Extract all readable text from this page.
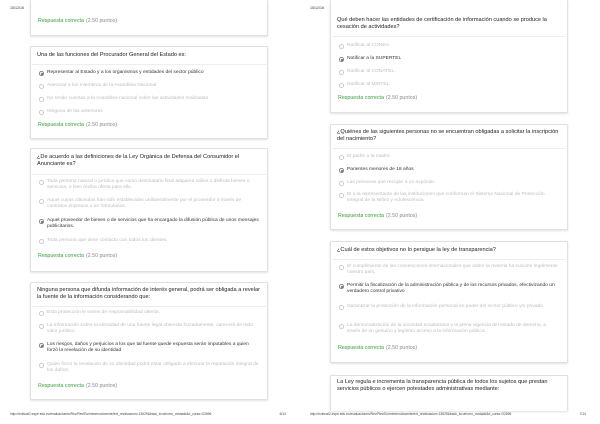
15/12/16
Respuesta correcta (2.50 puntos)
Una de las funciones del Procurador General del Estado es:
Representar al Estado y a los organismos y entidades del sector público
Asesorar a los miembros de la Asamblea Nacional
No rendir cuentas a la Asamblea nacional sobre las actividades realizadas
Ninguna de las anteriores
Respuesta correcta (2.50 puntos)
¿De acuerdo a las definiciones de la Ley Orgánica de Defensa del Consumidor el Anunciante es?
Toda persona natural o jurídica que como destinatario final adquiera utilice o disfrute bienes o servicios, o bien reciba oferta para ello.
Aquel cuyas cláusulas han sido establecidas unilateralmente por el proveedor a través de contratos impresos o en formularios.
Aquel proveedor de bienes o de servicios que ha encargado la difusión pública de unos mensajes publicitarios.
Toda persona que tiene contacto con todos los clientes.
Respuesta correcta (2.50 puntos)
Ninguna persona que difunda información de interés general, podrá ser obligada a revelar la fuente de la información considerando que:
Esta protección le exime de responsabilidad ulterior.
La información sobre la identidad de una fuente legal obtenida forzadamente, carecerá de todo valor jurídico
Los riesgos, daños y perjuicios a los que tal fuente quede expuesta serán imputables a quien forzó la revelación de su identidad
Quien forzó la revelación de su identidad podrá estar obligado a efectuar la reparación integral de los daños.
Respuesta correcta (2.50 puntos)
http://evirtual2.espe.edu.ec/evaluaciones/Rev/Rev/Eo/mimenudocente/ext_revaluacion=13629&back_to=ahorro_ovidadd&d_curso=02696	6/14
15/12/16
Qué deben hacer las entidades de certificación de información cuando se produce la cesación de actividades?
Notificar al CONEA.
Notificar a la SUPERTEL
Notificar al CONATEL.
Notificar al MINTEL
Respuesta correcta (2.50 puntos)
¿Quiénes de las siguientes personas no se encuentran obligadas a solicitar la inscripción del nacimiento?
El padre o la madre.
Parientes menores de 18 años
Las personas que recojan a un expósito.
El o la representante de las instituciones que conforman el Sistema Nacional de Protección Integral de la Niñez y Adolescencia.
Respuesta correcta (2.50 puntos)
¿Cuál de estos objetivos no lo persigue la ley de transparencia?
El cumplimiento de las convenciones internacionales que sobre la materia ha suscrito legalmente nuestro país.
Permitir la fiscalización de la administración pública y de los recursos privados, efectivizando un verdadero control privativo
Garantizar la protección de la información personal en poder del sector público y/o privado.
La democratización de la sociedad ecuatoriana y la plena vigencia del estado de derecho, a través de un genuino y legítimo acceso a la información pública.
Respuesta correcta (2.50 puntos)
La Ley regula e incrementa la transparencia pública de todos los sujetos que prestan servicios públicos o ejercen potestades administrativas mediante:
http://evirtual2.espe.edu.ec/evaluaciones/Rev/Rev/Eo/mimenudocente/ext_revaluacion=13629&back_to=ahorro_ovidadd&d_curso=02696	7/14
